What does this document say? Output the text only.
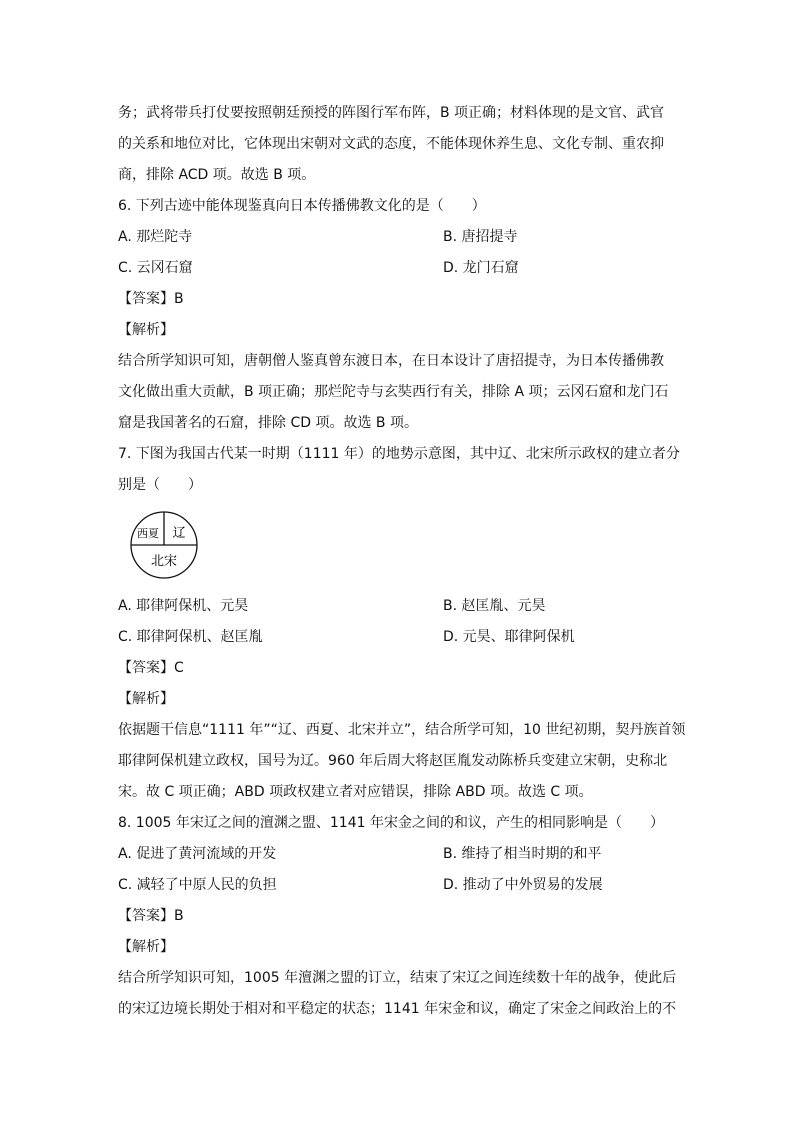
务；武将带兵打仗要按照朝廷预授的阵图行军布阵，B 项正确；材料体现的是文官、武官
的关系和地位对比，它体现出宋朝对文武的态度，不能体现休养生息、文化专制、重农抑
商，排除 ACD 项。故选 B 项。
6. 下列古迹中能体现鉴真向日本传播佛教文化的是（　　）
A. 那烂陀寺	B. 唐招提寺
C. 云冈石窟	D. 龙门石窟
【答案】B
【解析】
结合所学知识可知，唐朝僧人鉴真曾东渡日本，在日本设计了唐招提寺，为日本传播佛教
文化做出重大贡献，B 项正确；那烂陀寺与玄奘西行有关，排除 A 项；云冈石窟和龙门石
窟是我国著名的石窟，排除 CD 项。故选 B 项。
7. 下图为我国古代某一时期（1111 年）的地势示意图，其中辽、北宋所示政权的建立者分
别是（　　）
西夏 辽
北宋
A. 耶律阿保机、元昊	B. 赵匡胤、元昊
C. 耶律阿保机、赵匡胤	D. 元昊、耶律阿保机
【答案】C
【解析】
依据题干信息“1111 年”“辽、西夏、北宋并立”，结合所学可知，10 世纪初期，契丹族首领
耶律阿保机建立政权，国号为辽。960 年后周大将赵匡胤发动陈桥兵变建立宋朝，史称北
宋。故 C 项正确；ABD 项政权建立者对应错误，排除 ABD 项。故选 C 项。
8. 1005 年宋辽之间的澶渊之盟、1141 年宋金之间的和议，产生的相同影响是（　　）
A. 促进了黄河流域的开发	B. 维持了相当时期的和平
C. 减轻了中原人民的负担	D. 推动了中外贸易的发展
【答案】B
【解析】
结合所学知识可知，1005 年澶渊之盟的订立，结束了宋辽之间连续数十年的战争，使此后
的宋辽边境长期处于相对和平稳定的状态；1141 年宋金和议，确定了宋金之间政治上的不
